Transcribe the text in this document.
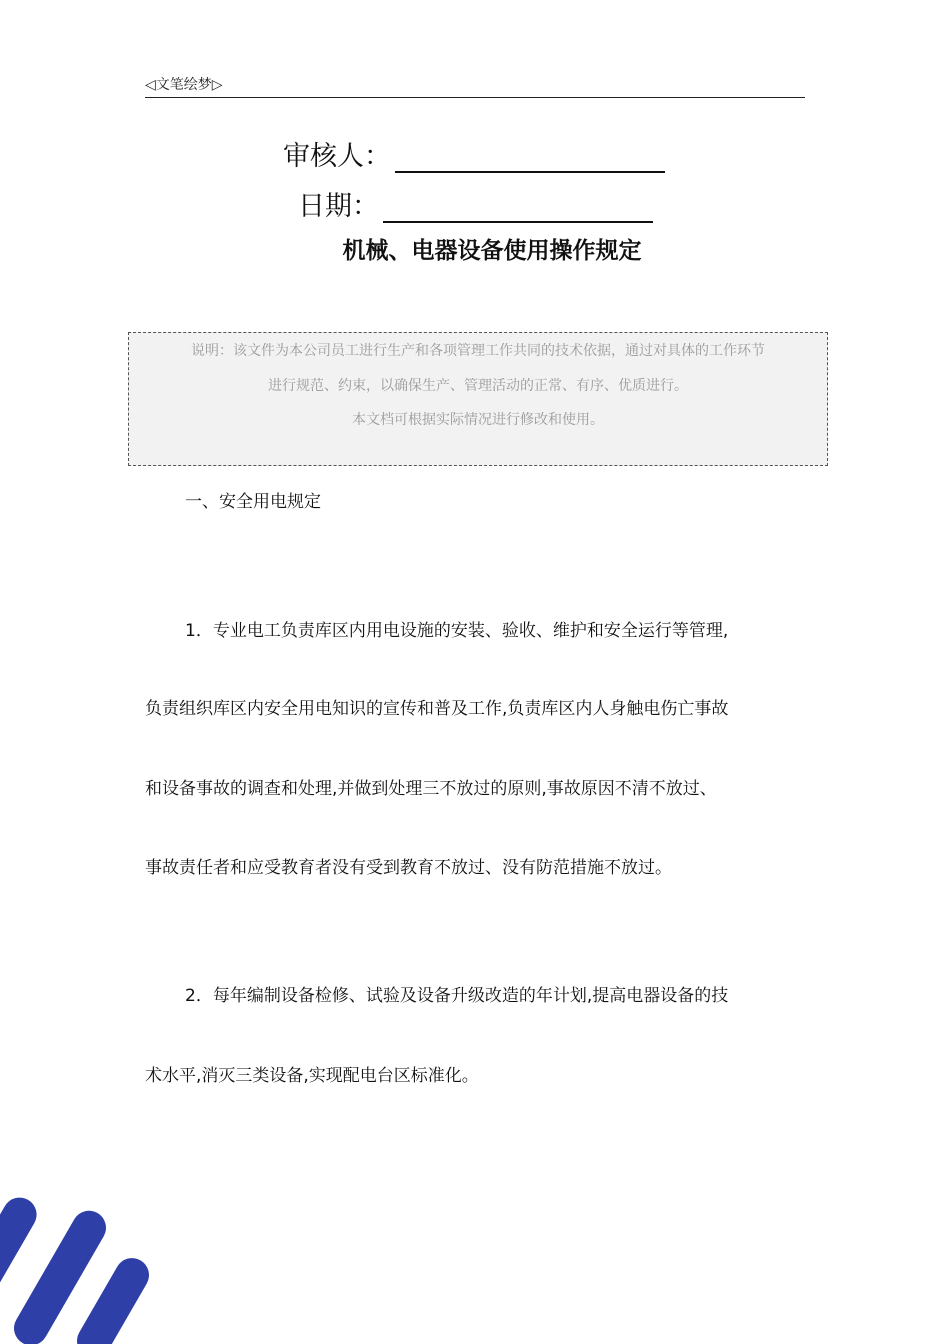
◁文笔绘梦▷
审核人：
日期：
机械、电器设备使用操作规定
说明：该文件为本公司员工进行生产和各项管理工作共同的技术依据，通过对具体的工作环节
进行规范、约束，以确保生产、管理活动的正常、有序、优质进行。
本文档可根据实际情况进行修改和使用。
一、安全用电规定
1．专业电工负责库区内用电设施的安装、验收、维护和安全运行等管理,
负责组织库区内安全用电知识的宣传和普及工作,负责库区内人身触电伤亡事故
和设备事故的调查和处理,并做到处理三不放过的原则,事故原因不清不放过、
事故责任者和应受教育者没有受到教育不放过、没有防范措施不放过。
2．每年编制设备检修、试验及设备升级改造的年计划,提高电器设备的技
术水平,消灭三类设备,实现配电台区标准化。
